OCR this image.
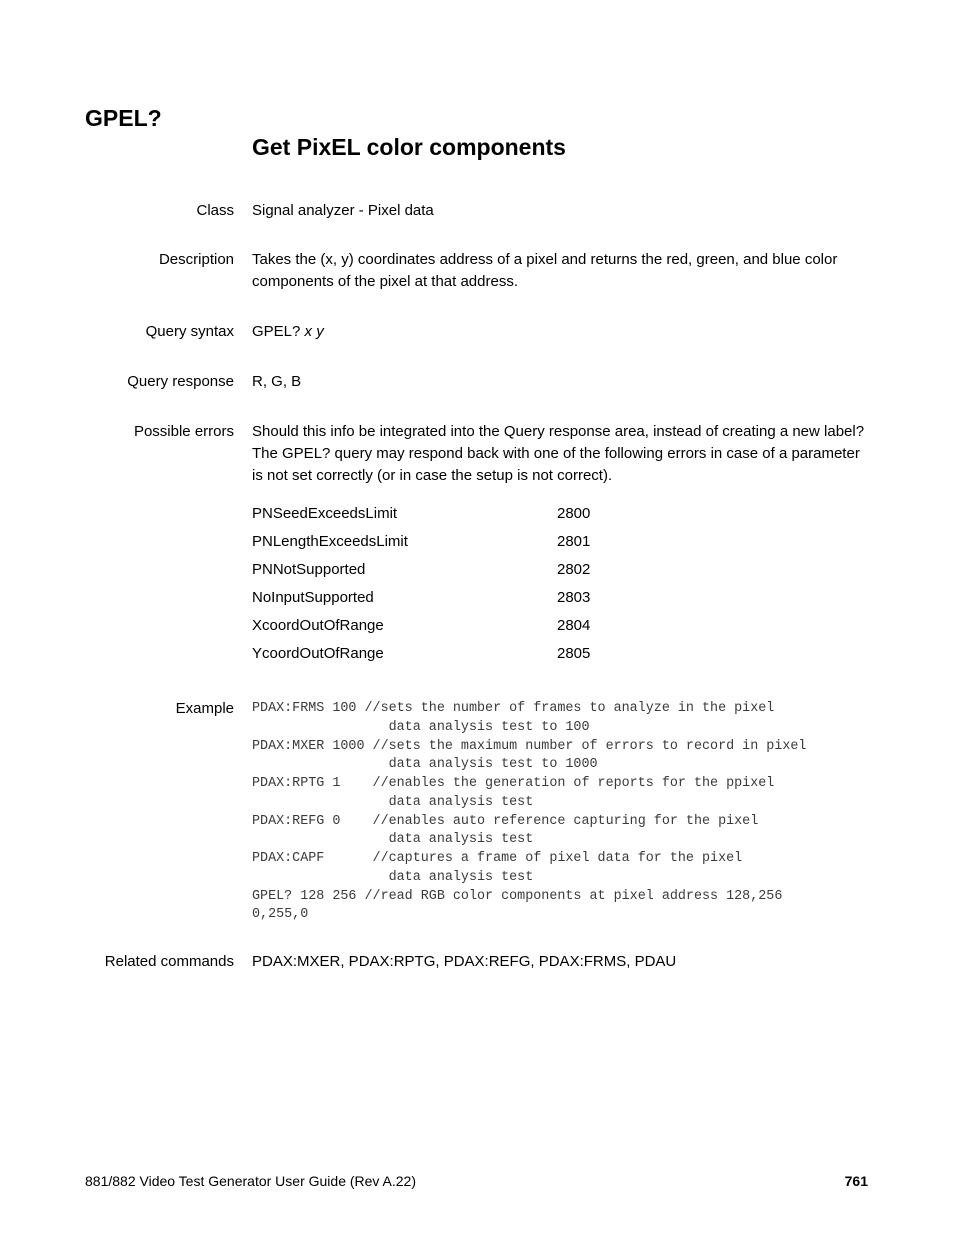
GPEL?
Get PixEL color components
Class Signal analyzer - Pixel data
Description Takes the (x, y) coordinates address of a pixel and returns the red, green, and blue color components of the pixel at that address.
Query syntax GPEL? x y
Query response R, G, B
Possible errors Should this info be integrated into the Query response area, instead of creating a new label?The GPEL? query may respond back with one of the following errors in case of a parameter is not set correctly (or in case the setup is not correct).
PNSeedExceedsLimit	2800
PNLengthExceedsLimit	2801
PNNotSupported	2802
NoInputSupported	2803
XcoordOutOfRange	2804
YcoordOutOfRange	2805
Example PDAX:FRMS 100 //sets the number of frames to analyze in the pixel
data analysis test to 100
PDAX:MXER 1000 //sets the maximum number of errors to record in pixel
data analysis test to 1000
PDAX:RPTG 1    //enables the generation of reports for the ppixel
data analysis test
PDAX:REFG 0    //enables auto reference capturing for the pixel
data analysis test
PDAX:CAPF      //captures a frame of pixel data for the pixel
data analysis test
GPEL? 128 256 //read RGB color components at pixel address 128,256
0,255,0
Related commands PDAX:MXER, PDAX:RPTG, PDAX:REFG, PDAX:FRMS, PDAU
881/882 Video Test Generator User Guide (Rev A.22)	761
